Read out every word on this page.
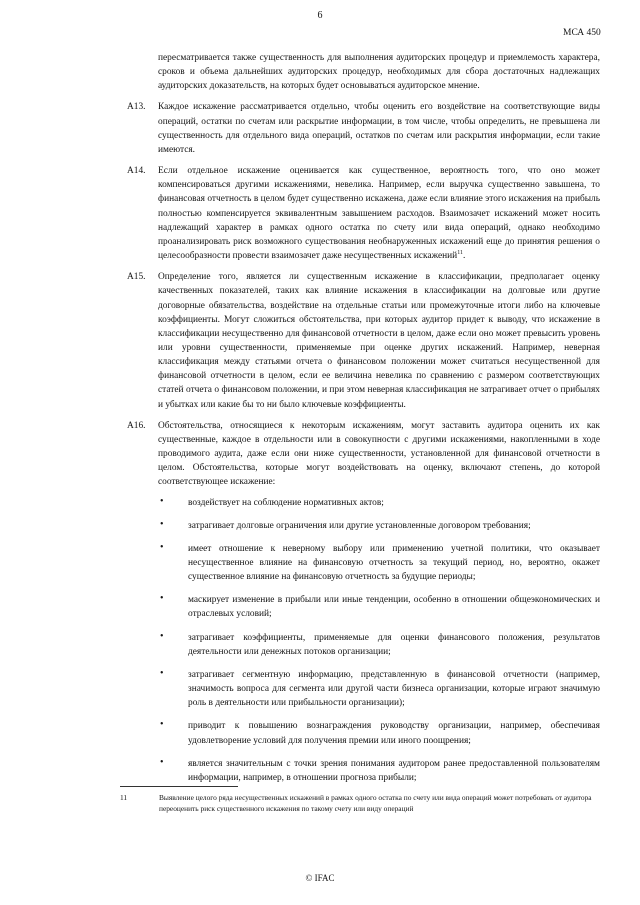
6
МСА 450
пересматривается также существенность для выполнения аудиторских процедур и приемлемость характера, сроков и объема дальнейших аудиторских процедур, необходимых для сбора достаточных надлежащих аудиторских доказательств, на которых будет основываться аудиторское мнение.
А13. Каждое искажение рассматривается отдельно, чтобы оценить его воздействие на соответствующие виды операций, остатки по счетам или раскрытие информации, в том числе, чтобы определить, не превышена ли существенность для отдельного вида операций, остатков по счетам или раскрытия информации, если такие имеются.
А14. Если отдельное искажение оценивается как существенное, вероятность того, что оно может компенсироваться другими искажениями, невелика. Например, если выручка существенно завышена, то финансовая отчетность в целом будет существенно искажена, даже если влияние этого искажения на прибыль полностью компенсируется эквивалентным завышением расходов. Взаимозачет искажений может носить надлежащий характер в рамках одного остатка по счету или вида операций, однако необходимо проанализировать риск возможного существования необнаруженных искажений еще до принятия решения о целесообразности провести взаимозачет даже несущественных искажений$^{11}$.
А15. Определение того, является ли существенным искажение в классификации, предполагает оценку качественных показателей, таких как влияние искажения в классификации на долговые или другие договорные обязательства, воздействие на отдельные статьи или промежуточные итоги либо на ключевые коэффициенты. Могут сложиться обстоятельства, при которых аудитор придет к выводу, что искажение в классификации несущественно для финансовой отчетности в целом, даже если оно может превысить уровень или уровни существенности, применяемые при оценке других искажений. Например, неверная классификация между статьями отчета о финансовом положении может считаться несущественной для финансовой отчетности в целом, если ее величина невелика по сравнению с размером соответствующих статей отчета о финансовом положении, и при этом неверная классификация не затрагивает отчет о прибылях и убытках или какие бы то ни было ключевые коэффициенты.
А16. Обстоятельства, относящиеся к некоторым искажениям, могут заставить аудитора оценить их как существенные, каждое в отдельности или в совокупности с другими искажениями, накопленными в ходе проводимого аудита, даже если они ниже существенности, установленной для финансовой отчетности в целом. Обстоятельства, которые могут воздействовать на оценку, включают степень, до которой соответствующее искажение:
•	воздействует на соблюдение нормативных актов;
•	затрагивает долговые ограничения или другие установленные договором требования;
•	имеет отношение к неверному выбору или применению учетной политики, что оказывает несущественное влияние на финансовую отчетность за текущий период, но, вероятно, окажет существенное влияние на финансовую отчетность за будущие периоды;
•	маскирует изменение в прибыли или иные тенденции, особенно в отношении общеэкономических и отраслевых условий;
•	затрагивает коэффициенты, применяемые для оценки финансового положения, результатов деятельности или денежных потоков организации;
•	затрагивает сегментную информацию, представленную в финансовой отчетности (например, значимость вопроса для сегмента или другой части бизнеса организации, которые играют значимую роль в деятельности или прибыльности организации);
•	приводит к повышению вознаграждения руководству организации, например, обеспечивая удовлетворение условий для получения премии или иного поощрения;
•	является значительным с точки зрения понимания аудитором ранее предоставленной пользователям информации, например, в отношении прогноза прибыли;
11	Выявление целого ряда несущественных искажений в рамках одного остатка по счету или вида операций может потребовать от аудитора переоценить риск существенного искажения по такому счету или виду операций
© IFAC
